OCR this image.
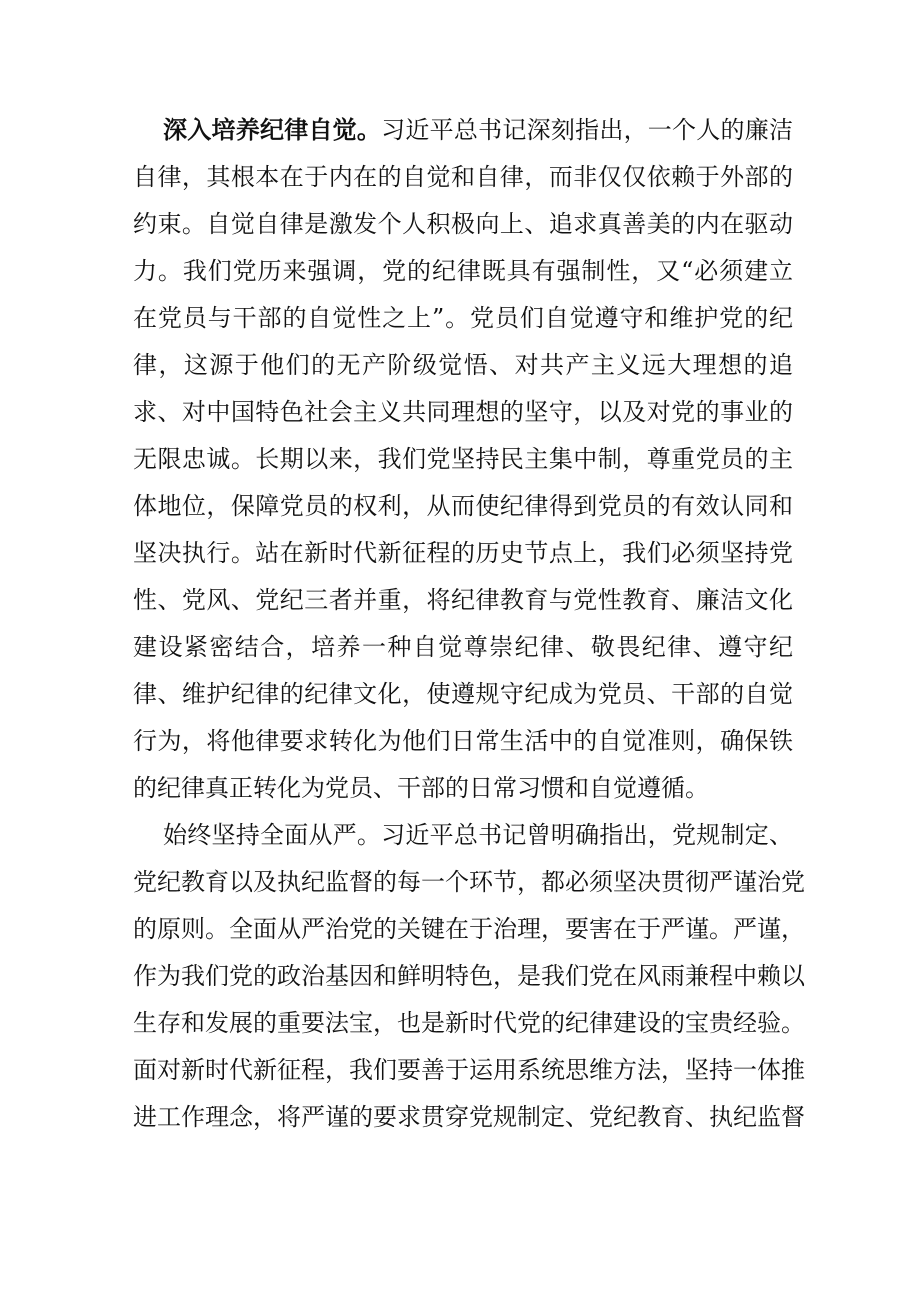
深入培养纪律自觉。习近平总书记深刻指出，一个人的廉洁
自律，其根本在于内在的自觉和自律，而非仅仅依赖于外部的
约束。自觉自律是激发个人积极向上、追求真善美的内在驱动
力。我们党历来强调，党的纪律既具有强制性，又“必须建立
在党员与干部的自觉性之上”。党员们自觉遵守和维护党的纪
律，这源于他们的无产阶级觉悟、对共产主义远大理想的追
求、对中国特色社会主义共同理想的坚守，以及对党的事业的
无限忠诚。长期以来，我们党坚持民主集中制，尊重党员的主
体地位，保障党员的权利，从而使纪律得到党员的有效认同和
坚决执行。站在新时代新征程的历史节点上，我们必须坚持党
性、党风、党纪三者并重，将纪律教育与党性教育、廉洁文化
建设紧密结合，培养一种自觉尊崇纪律、敬畏纪律、遵守纪
律、维护纪律的纪律文化，使遵规守纪成为党员、干部的自觉
行为，将他律要求转化为他们日常生活中的自觉准则，确保铁
的纪律真正转化为党员、干部的日常习惯和自觉遵循。
始终坚持全面从严。习近平总书记曾明确指出，党规制定、
党纪教育以及执纪监督的每一个环节，都必须坚决贯彻严谨治党
的原则。全面从严治党的关键在于治理，要害在于严谨。严谨，
作为我们党的政治基因和鲜明特色，是我们党在风雨兼程中赖以
生存和发展的重要法宝，也是新时代党的纪律建设的宝贵经验。
面对新时代新征程，我们要善于运用系统思维方法，坚持一体推
进工作理念，将严谨的要求贯穿党规制定、党纪教育、执纪监督
